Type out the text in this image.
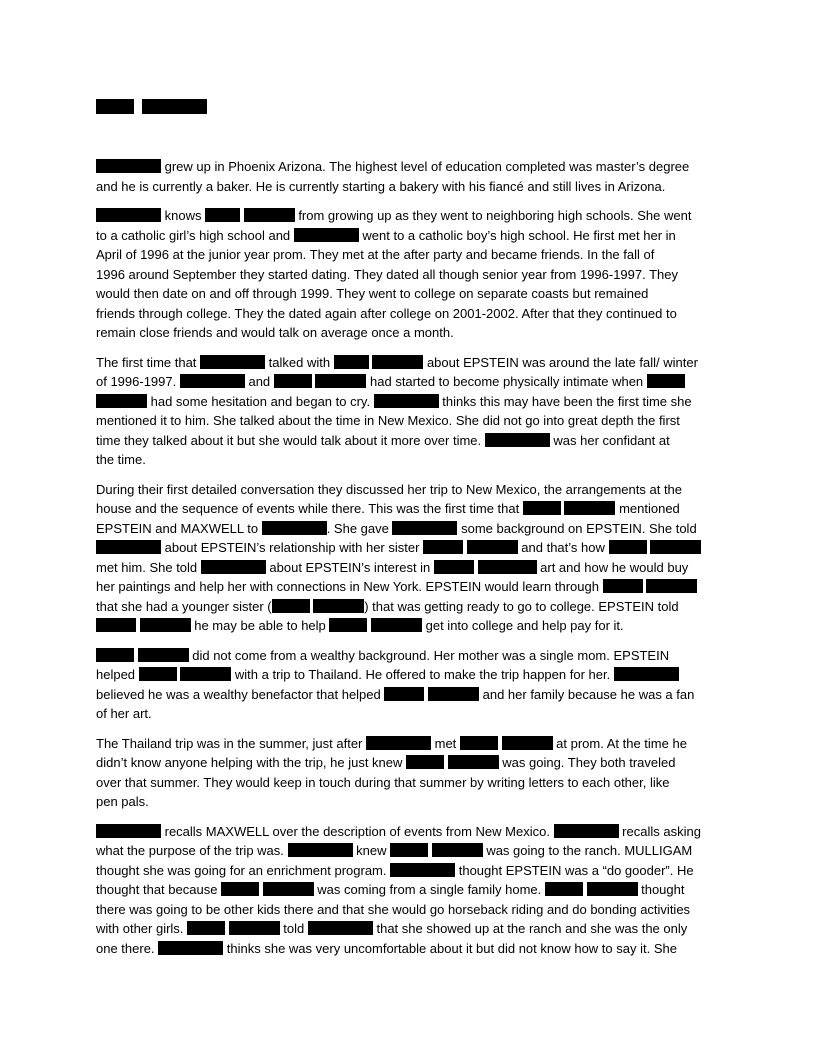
grew up in Phoenix Arizona. The highest level of education completed was master’s degree
and he is currently a baker. He is currently starting a bakery with his fiancé and still lives in Arizona.
knows	from growing up as they went to neighboring high schools. She went
to a catholic girl’s high school and	went to a catholic boy’s high school. He first met her in
April of 1996 at the junior year prom. They met at the after party and became friends. In the fall of
1996 around September they started dating. They dated all though senior year from 1996-1997. They
would then date on and off through 1999. They went to college on separate coasts but remained
friends through college. They the dated again after college on 2001-2002. After that they continued to
remain close friends and would talk on average once a month.
The first time that	talked with	about EPSTEIN was around the late fall/ winter
of 1996-1997.	and	had started to become physically intimate when
had some hesitation and began to cry.	thinks this may have been the first time she
mentioned it to him. She talked about the time in New Mexico. She did not go into great depth the first
time they talked about it but she would talk about it more over time.	was her confidant at
the time.
During their first detailed conversation they discussed her trip to New Mexico, the arrangements at the
house and the sequence of events while there. This was the first time that	mentioned
EPSTEIN and MAXWELL to	. She gave	some background on EPSTEIN. She told
about EPSTEIN’s relationship with her sister	and that’s how
met him. She told	about EPSTEIN’s interest in	art and how he would buy
her paintings and help her with connections in New York. EPSTEIN would learn through
that she had a younger sister (	) that was getting ready to go to college. EPSTEIN told
he may be able to help	get into college and help pay for it.
did not come from a wealthy background. Her mother was a single mom. EPSTEIN
helped	with a trip to Thailand. He offered to make the trip happen for her.
believed he was a wealthy benefactor that helped	and her family because he was a fan
of her art.
The Thailand trip was in the summer, just after	met	at prom. At the time he
didn’t know anyone helping with the trip, he just knew	was going. They both traveled
over that summer. They would keep in touch during that summer by writing letters to each other, like
pen pals.
recalls MAXWELL over the description of events from New Mexico.	recalls asking
what the purpose of the trip was.	knew	was going to the ranch. MULLIGAM
thought she was going for an enrichment program.	thought EPSTEIN was a “do gooder”. He
thought that because	was coming from a single family home.	thought
there was going to be other kids there and that she would go horseback riding and do bonding activities
with other girls.	told	that she showed up at the ranch and she was the only
one there.	thinks she was very uncomfortable about it but did not know how to say it. She
